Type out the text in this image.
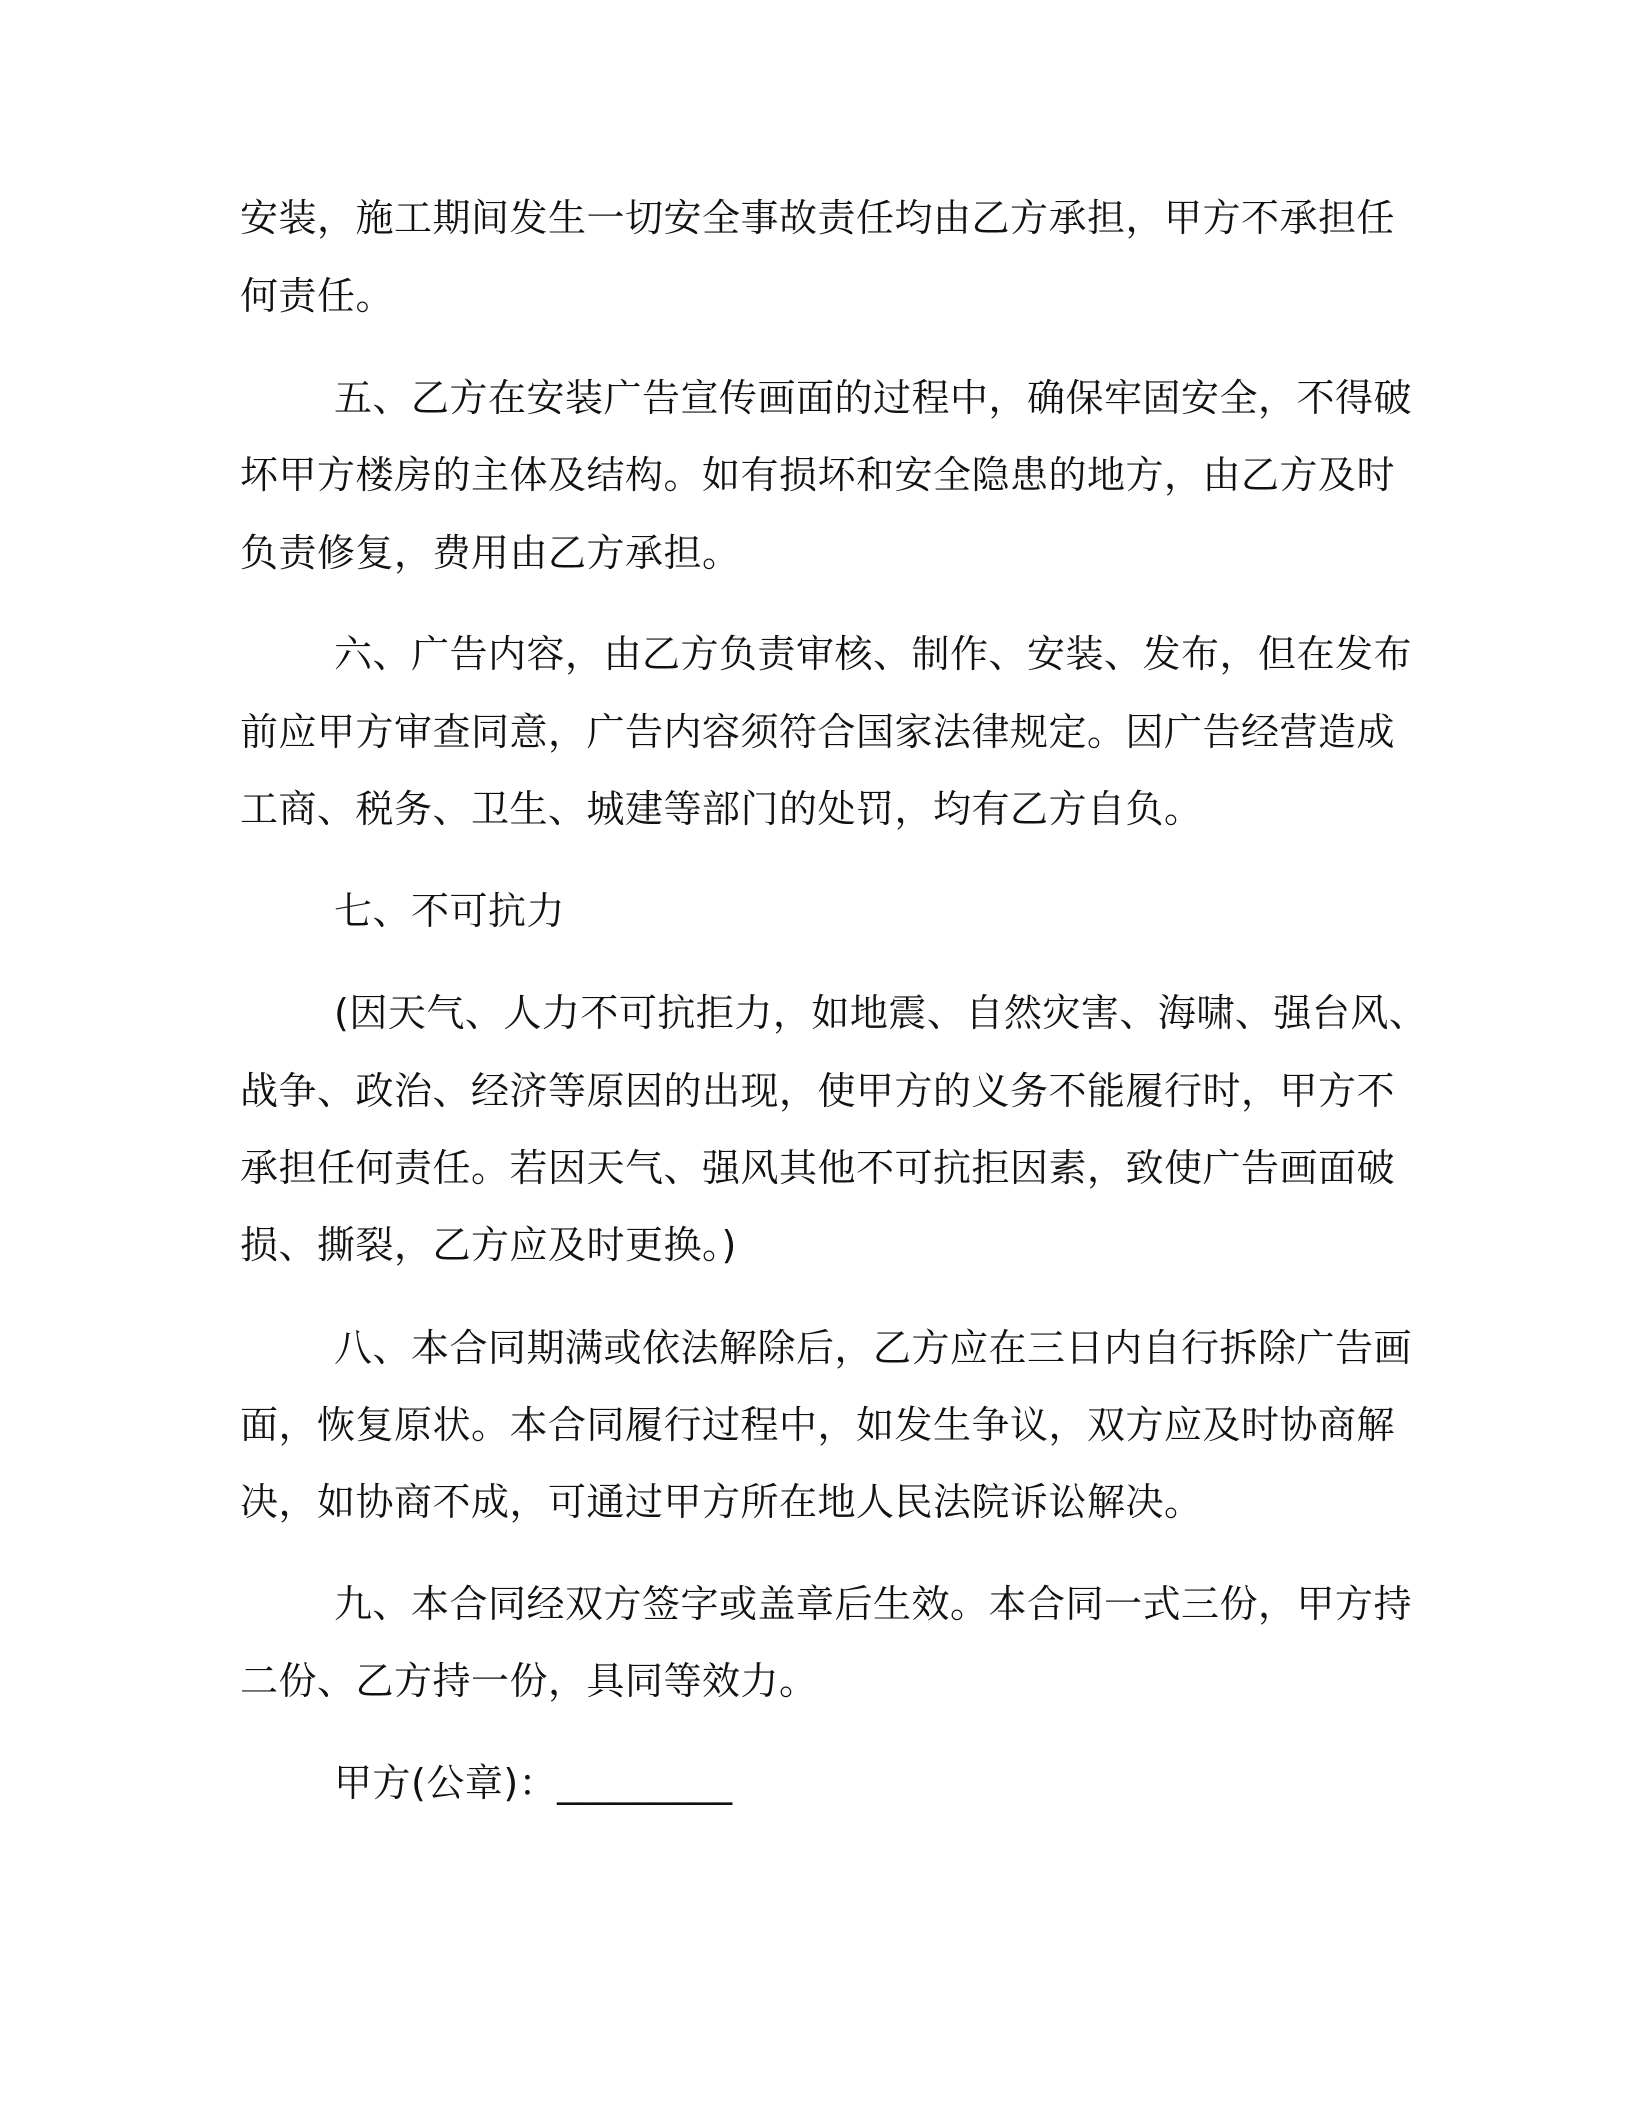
安装，施工期间发生一切安全事故责任均由乙方承担，甲方不承担任
何责任。
五、乙方在安装广告宣传画面的过程中，确保牢固安全，不得破
坏甲方楼房的主体及结构。如有损坏和安全隐患的地方，由乙方及时
负责修复，费用由乙方承担。
六、广告内容，由乙方负责审核、制作、安装、发布，但在发布
前应甲方审查同意，广告内容须符合国家法律规定。因广告经营造成
工商、税务、卫生、城建等部门的处罚，均有乙方自负。
七、不可抗力
(因天气、人力不可抗拒力，如地震、自然灾害、海啸、强台风、
战争、政治、经济等原因的出现，使甲方的义务不能履行时，甲方不
承担任何责任。若因天气、强风其他不可抗拒因素，致使广告画面破
损、撕裂，乙方应及时更换。)
八、本合同期满或依法解除后，乙方应在三日内自行拆除广告画
面，恢复原状。本合同履行过程中，如发生争议，双方应及时协商解
决，如协商不成，可通过甲方所在地人民法院诉讼解决。
九、本合同经双方签字或盖章后生效。本合同一式三份，甲方持
二份、乙方持一份，具同等效力。
甲方(公章)：_________
